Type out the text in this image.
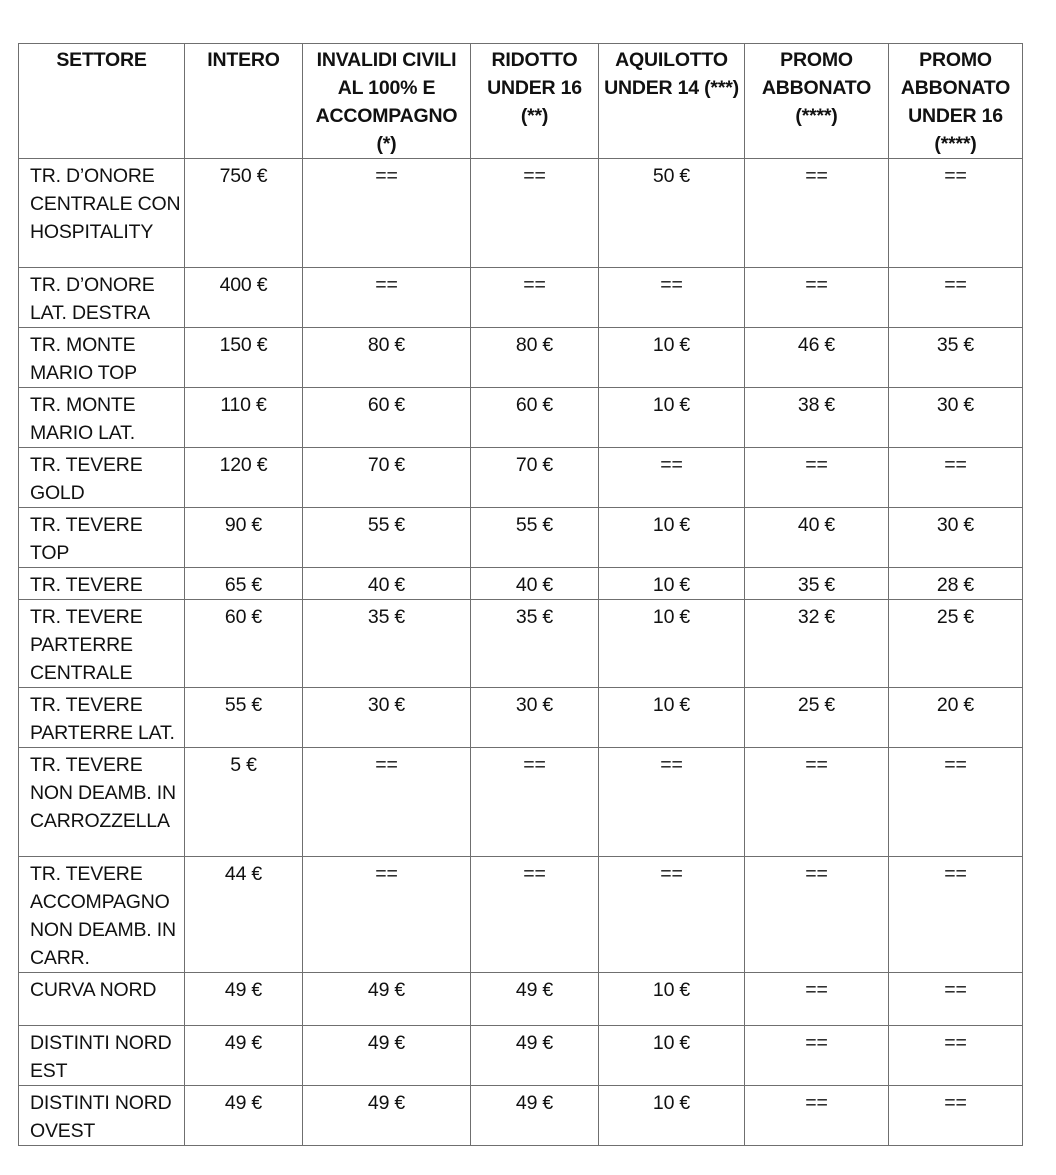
SETTORE	INTERO	INVALIDI CIVILI AL 100% E ACCOMPAGNO (*)	RIDOTTO UNDER 16 (**)	AQUILOTTO UNDER 14 (***)	PROMO ABBONATO (****)	PROMO ABBONATO UNDER 16 (****)
TR. D’ONORE CENTRALE CON HOSPITALITY	750 €	==	==	50 €	==	==
TR. D’ONORE LAT. DESTRA	400 €	==	==	==	==	==
TR. MONTE MARIO TOP	150 €	80 €	80 €	10 €	46 €	35 €
TR. MONTE MARIO LAT.	110 €	60 €	60 €	10 €	38 €	30 €
TR. TEVERE GOLD	120 €	70 €	70 €	==	==	==
TR. TEVERE TOP	90 €	55 €	55 €	10 €	40 €	30 €
TR. TEVERE	65 €	40 €	40 €	10 €	35 €	28 €
TR. TEVERE PARTERRE CENTRALE	60 €	35 €	35 €	10 €	32 €	25 €
TR. TEVERE PARTERRE LAT.	55 €	30 €	30 €	10 €	25 €	20 €
TR. TEVERE NON DEAMB. IN CARROZZELLA	5 €	==	==	==	==	==
TR. TEVERE ACCOMPAGNO NON DEAMB. IN CARR.	44 €	==	==	==	==	==
CURVA NORD	49 €	49 €	49 €	10 €	==	==
DISTINTI NORD EST	49 €	49 €	49 €	10 €	==	==
DISTINTI NORD OVEST	49 €	49 €	49 €	10 €	==	==
